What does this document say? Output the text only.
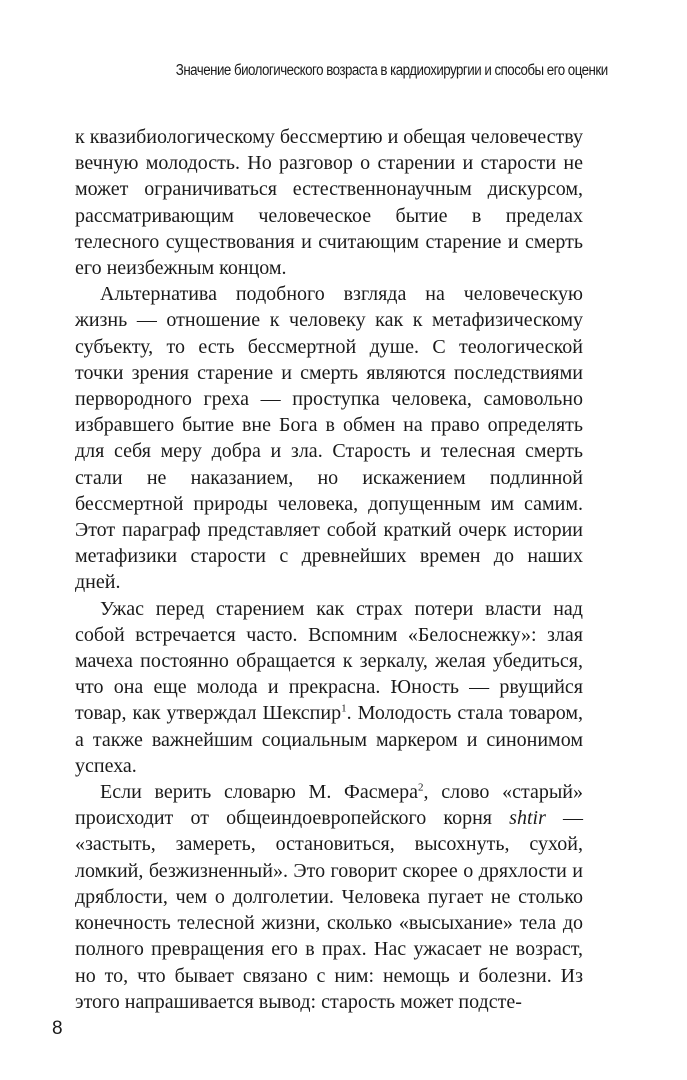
Значение биологического возраста в кардиохирургии и способы его оценки

к квазибиологическому бессмертию и обещая человечеству вечную молодость. Но разговор о старении и старости не может ограничиваться естественнонаучным дискурсом, рассматривающим человеческое бытие в пределах телесного существования и считающим старение и смерть его неизбежным концом.

Альтернатива подобного взгляда на человеческую жизнь — отношение к человеку как к метафизическому субъекту, то есть бессмертной душе. С теологической точки зрения старение и смерть являются последствиями первородного греха — проступка человека, самовольно избравшего бытие вне Бога в обмен на право определять для себя меру добра и зла. Старость и телесная смерть стали не наказанием, но искажением подлинной бессмертной природы человека, допущенным им самим. Этот параграф представляет собой краткий очерк истории метафизики старости с древнейших времен до наших дней.

Ужас перед старением как страх потери власти над собой встречается часто. Вспомним «Белоснежку»: злая мачеха постоянно обращается к зеркалу, желая убедиться, что она еще молода и прекрасна. Юность — рвущийся товар, как утверждал Шекспир$^1$. Молодость стала товаром, а также важнейшим социальным маркером и синонимом успеха.

Если верить словарю М. Фасмера$^2$, слово «старый» происходит от общеиндоевропейского корня shtir — «застыть, замереть, остановиться, высохнуть, сухой, ломкий, безжизненный». Это говорит скорее о дряхлости и дряблости, чем о долголетии. Человека пугает не столько конечность телесной жизни, сколько «высыхание» тела до полного превращения его в прах. Нас ужасает не возраст, но то, что бывает связано с ним: немощь и болезни. Из этого напрашивается вывод: старость может подсте-

8
